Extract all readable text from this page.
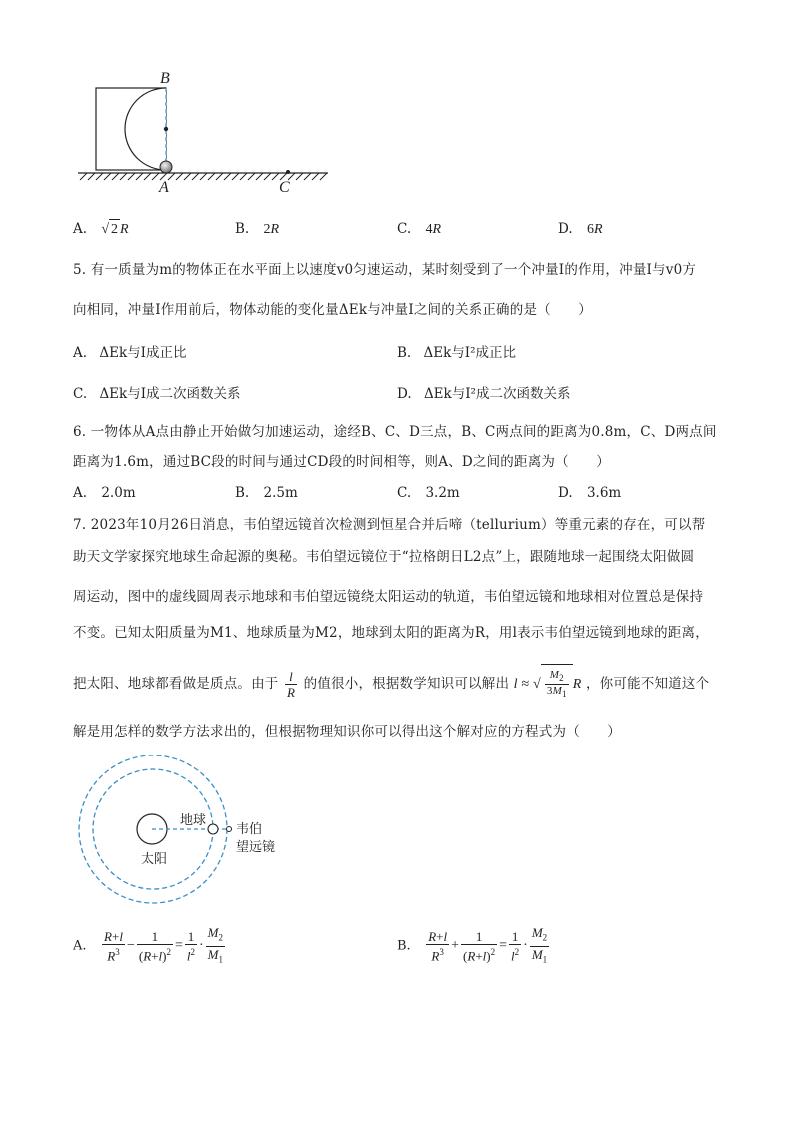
B
A	C
A. √ 2 R	B. 2R	C. 4R	D. 6R
5. 有一质量为m的物体正在水平面上以速度v0匀速运动，某时刻受到了一个冲量I的作用，冲量I与v0方
向相同，冲量I作用前后，物体动能的变化量ΔEk与冲量I之间的关系正确的是（　　）
A. ΔEk与I成正比	B. ΔEk与I²成正比
C. ΔEk与I成二次函数关系	D. ΔEk与I²成二次函数关系
6. 一物体从A点由静止开始做匀加速运动，途经B、C、D三点，B、C两点间的距离为0.8m，C、D两点间
距离为1.6m，通过BC段的时间与通过CD段的时间相等，则A、D之间的距离为（　　）
A. 2.0m	B. 2.5m	C. 3.2m	D. 3.6m
7. 2023年10月26日消息，韦伯望远镜首次检测到恒星合并后啼（tellurium）等重元素的存在，可以帮
助天文学家探究地球生命起源的奥秘。韦伯望远镜位于“拉格朗日L2点”上，跟随地球一起围绕太阳做圆
周运动，图中的虚线圆周表示地球和韦伯望远镜绕太阳运动的轨道，韦伯望远镜和地球相对位置总是保持
不变。已知太阳质量为M1、地球质量为M2，地球到太阳的距离为R，用l表示韦伯望远镜到地球的距离，
把太阳、地球都看做是质点。由于 $\frac{l}{R}$ 的值很小，根据数学知识可以解出 l ≈ √ $\frac{M_2}{3M_1}$ R ，你可能不知道这个
解是用怎样的数学方法求出的，但根据物理知识你可以得出这个解对应的方程式为（　　）
地球
太阳
韦伯
望远镜
A. $\frac{R+l}{R^3} - \frac{1}{(R+l)^2} = \frac{1}{l^2} \cdot \frac{M_2}{M_1}$	B. $\frac{R+l}{R^3} + \frac{1}{(R+l)^2} = \frac{1}{l^2} \cdot \frac{M_2}{M_1}$
